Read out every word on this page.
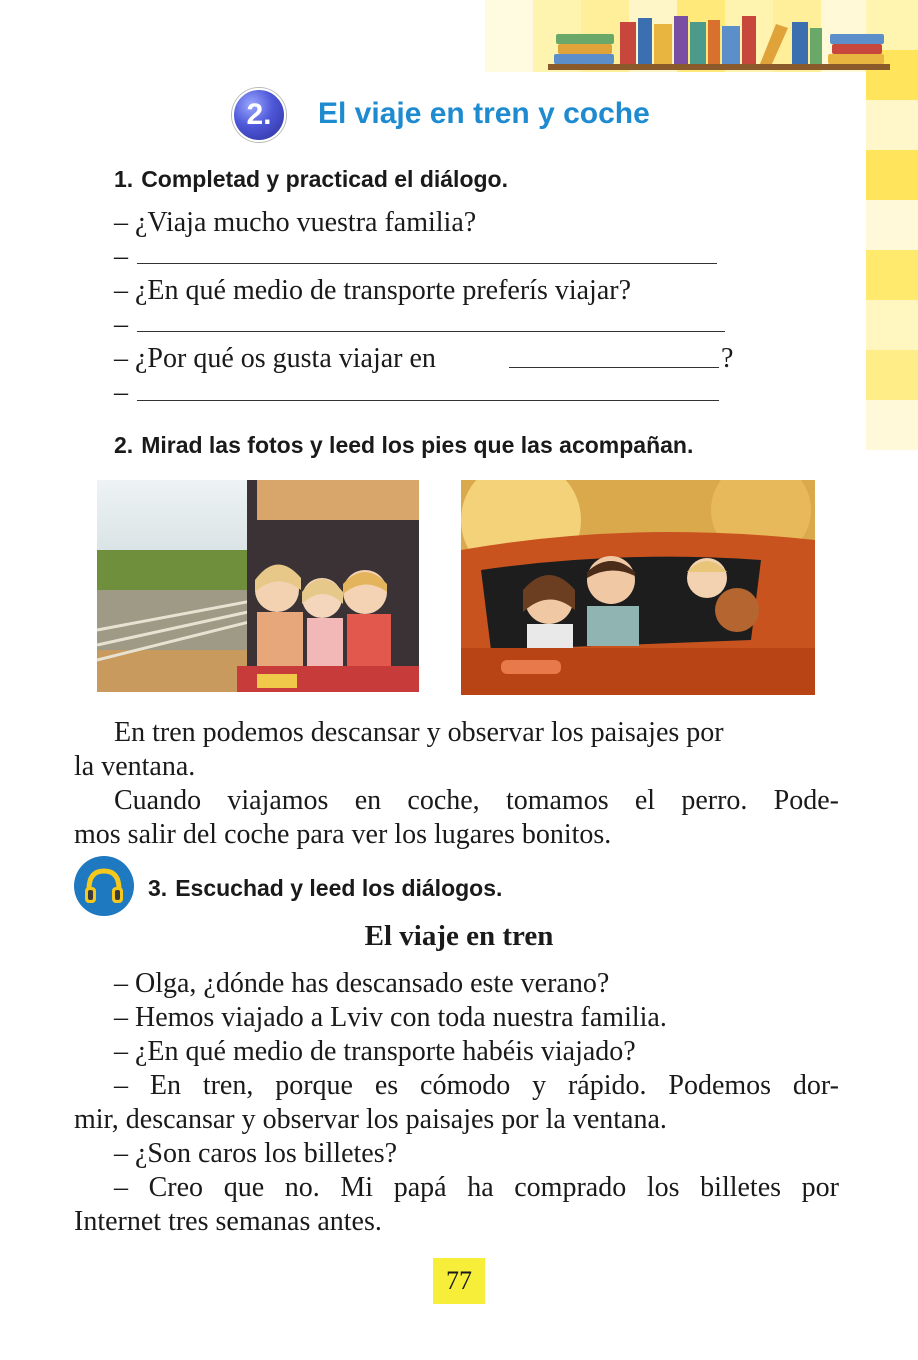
2.	El viaje en tren y coche
1. Completad y practicad el diálogo.
– ¿Viaja mucho vuestra familia?
–
– ¿En qué medio de transporte preferís viajar?
–
– ¿Por qué os gusta viajar en	?
–
2. Mirad las fotos y leed los pies que las acompañan.
En tren podemos descansar y observar los paisajes por
la ventana.
Cuando viajamos en coche, tomamos el perro. Pode-
mos salir del coche para ver los lugares bonitos.
3. Escuchad y leed los diálogos.
El viaje en tren
– Olga, ¿dónde has descansado este verano?
– Hemos viajado a Lviv con toda nuestra familia.
– ¿En qué medio de transporte habéis viajado?
– En tren, porque es cómodo y rápido. Podemos dor-
mir, descansar y observar los paisajes por la ventana.
– ¿Son caros los billetes?
– Creo que no. Mi papá ha comprado los billetes por
Internet tres semanas antes.
77
